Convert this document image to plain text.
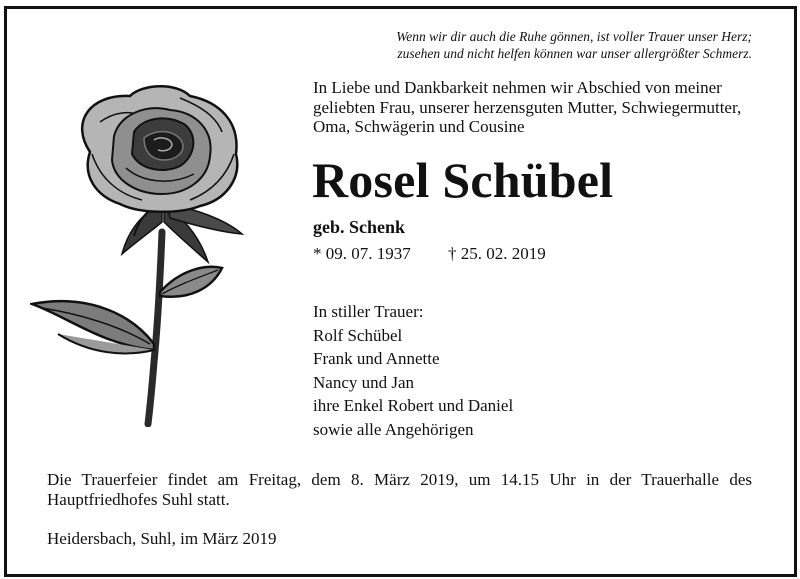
Wenn wir dir auch die Ruhe gönnen, ist voller Trauer unser Herz;
zusehen und nicht helfen können war unser allergrößter Schmerz.
In Liebe und Dankbarkeit nehmen wir Abschied von meiner
geliebten Frau, unserer herzensguten Mutter, Schwiegermutter,
Oma, Schwägerin und Cousine
Rosel Schübel
geb. Schenk
* 09. 07. 1937 † 25. 02. 2019
In stiller Trauer:
Rolf Schübel
Frank und Annette
Nancy und Jan
ihre Enkel Robert und Daniel
sowie alle Angehörigen
Die Trauerfeier findet am Freitag, dem 8. März 2019, um 14.15 Uhr in der Trauerhalle des Hauptfriedhofes Suhl statt.
Heidersbach, Suhl, im März 2019
